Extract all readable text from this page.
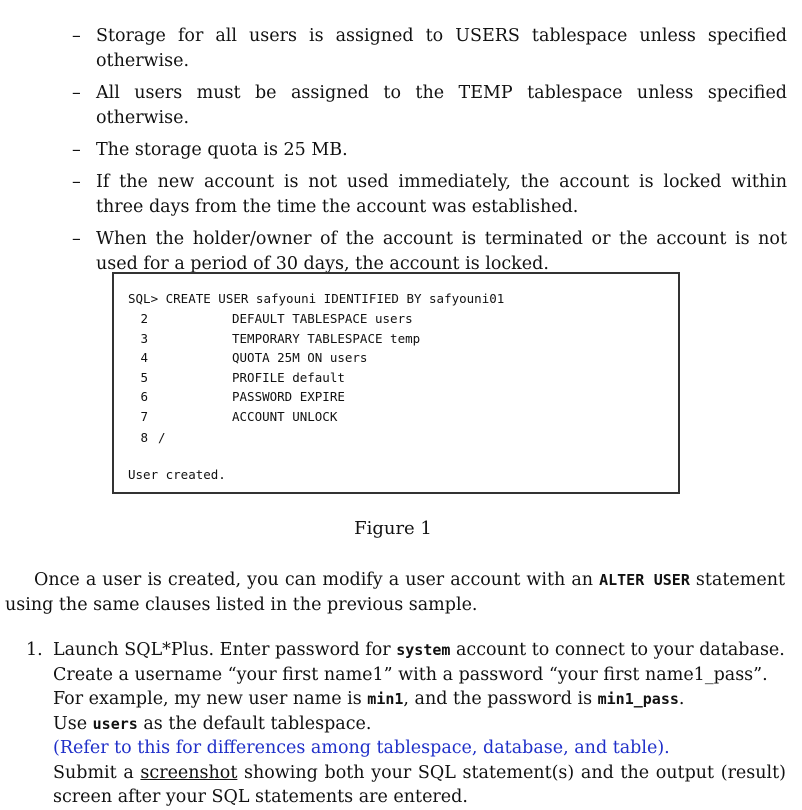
– Storage for all users is assigned to USERS tablespace unless specified otherwise.
– All users must be assigned to the TEMP tablespace unless specified otherwise.
– The storage quota is 25 MB.
– If the new account is not used immediately, the account is locked within three days from the time the account was established.
– When the holder/owner of the account is terminated or the account is not used for a period of 30 days, the account is locked.
SQL> CREATE USER safyouni IDENTIFIED BY safyouni01
2	DEFAULT TABLESPACE users
3	TEMPORARY TABLESPACE temp
4	QUOTA 25M ON users
5	PROFILE default
6	PASSWORD EXPIRE
7	ACCOUNT UNLOCK
8 /
User created.
Figure 1
Once a user is created, you can modify a user account with an ALTER USER statement using the same clauses listed in the previous sample.
1. Launch SQL*Plus. Enter password for system account to connect to your database.
Create a username “your first name1” with a password “your first name1_pass”.
For example, my new user name is min1, and the password is min1_pass.
Use users as the default tablespace.
(Refer to this for differences among tablespace, database, and table).
Submit a screenshot showing both your SQL statement(s) and the output (result) screen after your SQL statements are entered.
